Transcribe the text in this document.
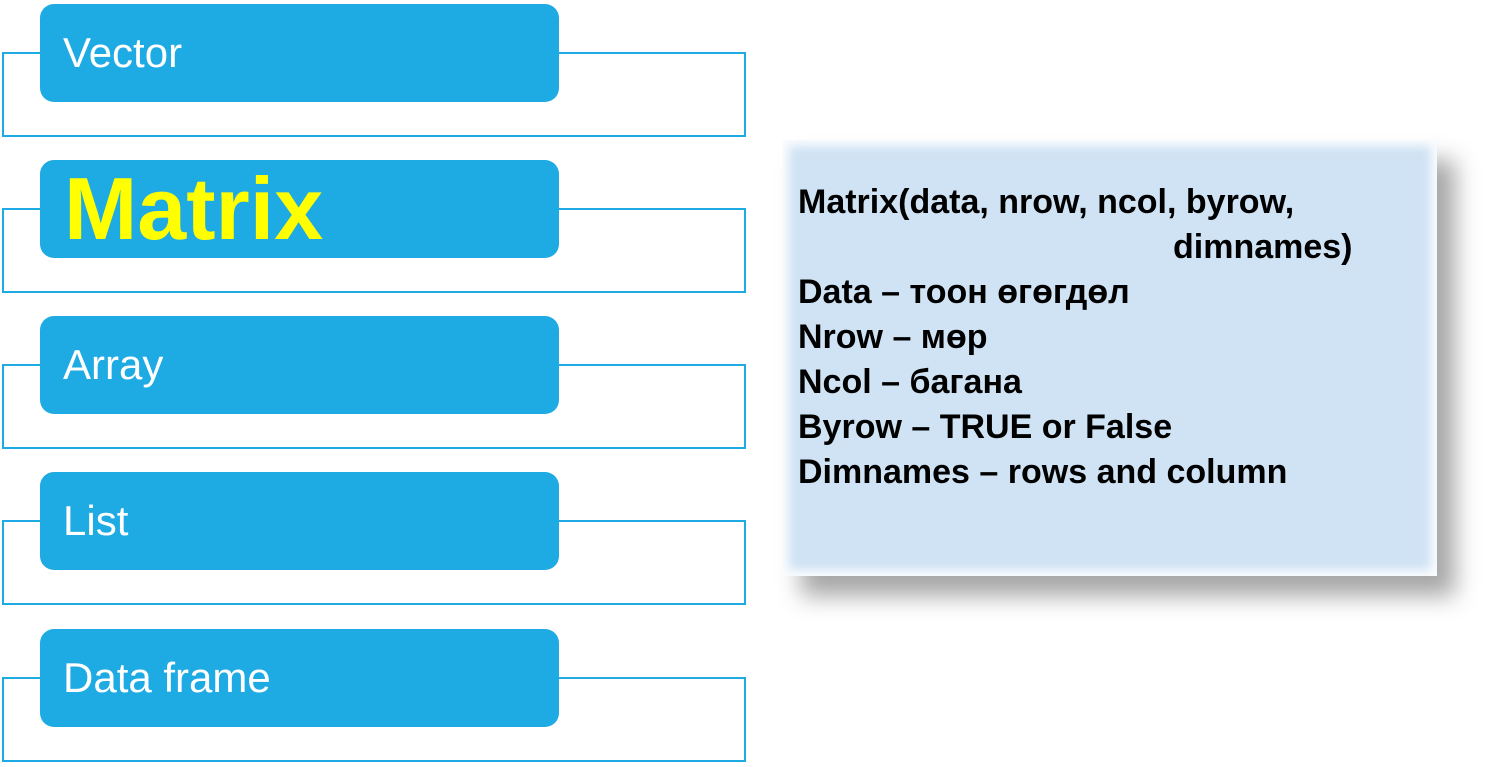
Vector
Matrix
Array
List
Data frame
Matrix(data, nrow, ncol, byrow,
dimnames)
Data – тоон өгөгдөл
Nrow – мөр
Ncol – багана
Byrow – TRUE or False
Dimnames – rows and column
